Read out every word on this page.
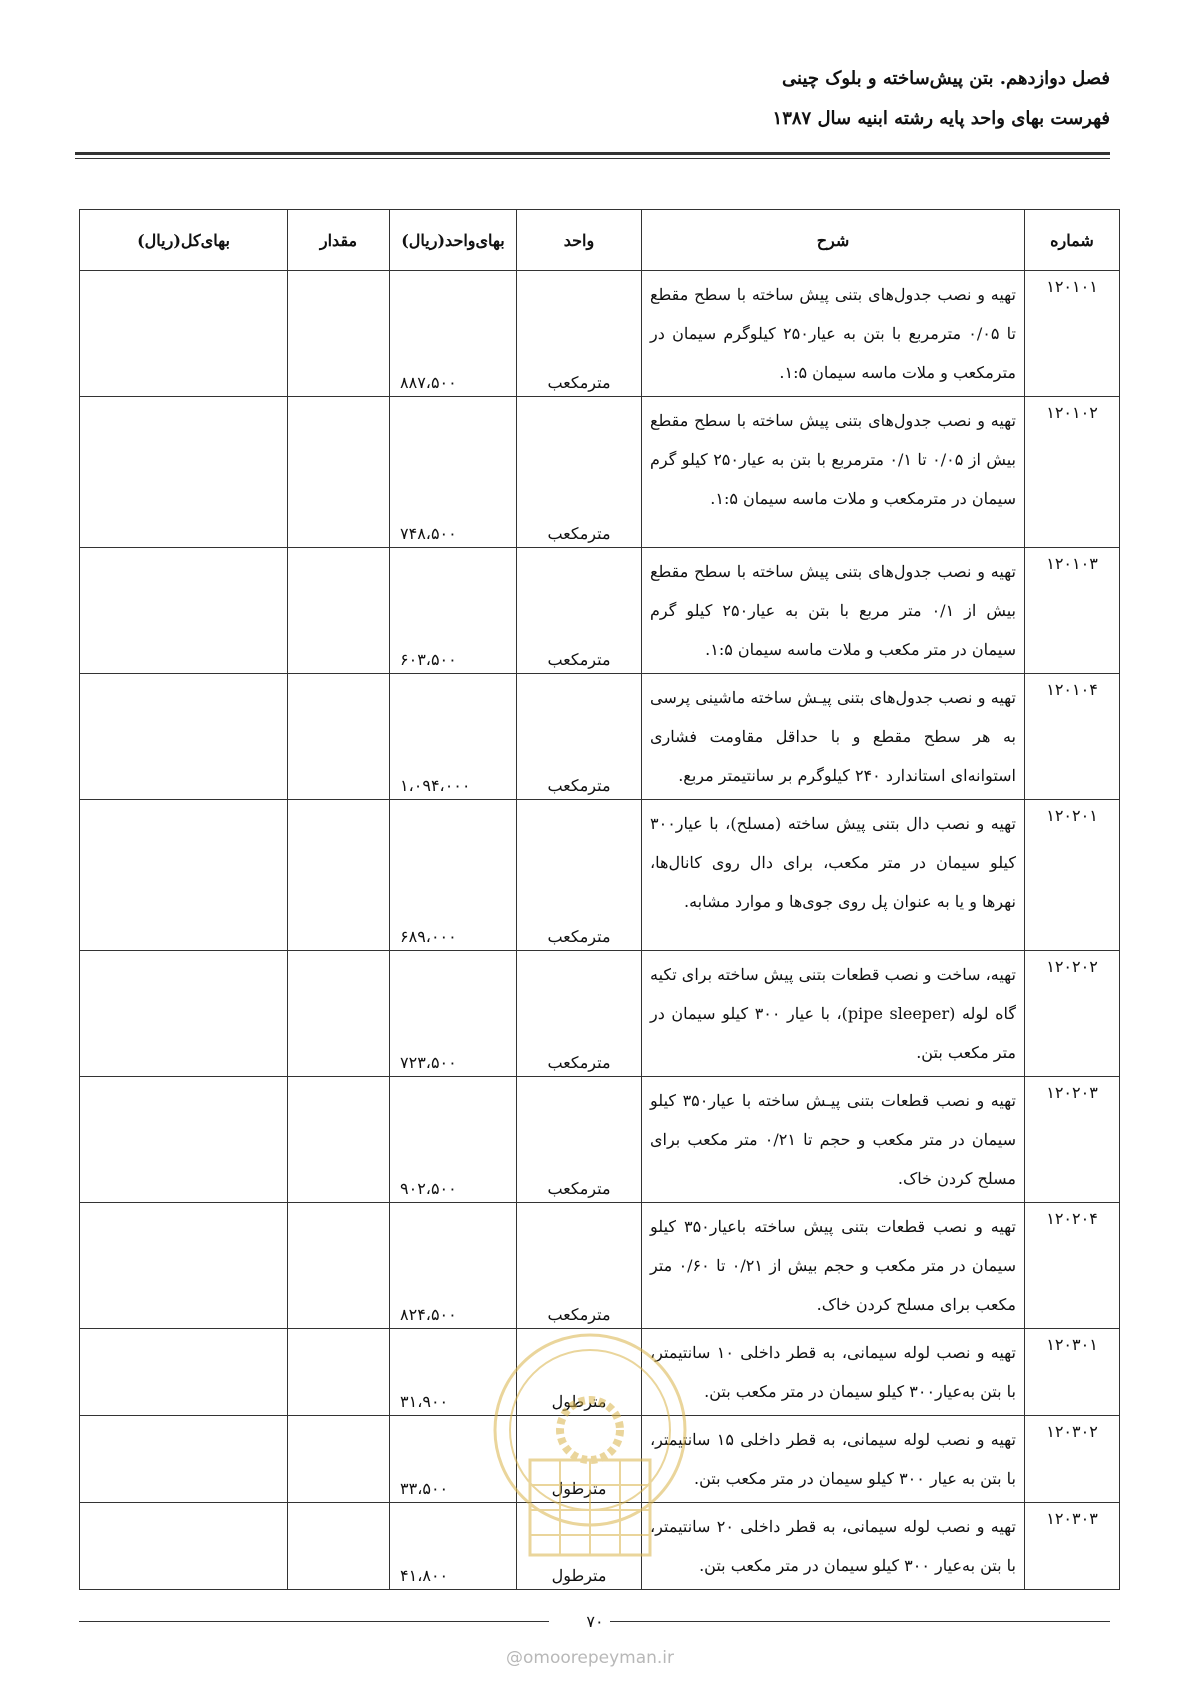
فصل دوازدهم. بتن پیش‌ساخته و بلوک چینی
فهرست بهای واحد پایه رشته ابنیه سال ۱۳۸۷
شماره	شرح	واحد	بهای‌واحد(ریال)	مقدار	بهای‌کل(ریال)
۱۲۰۱۰۱	تهیه و نصب جدول‌های بتنی پیش ساخته با سطح مقطع تا ۰/۰۵ مترمربع با بتن به عیار۲۵۰ کیلوگرم سیمان در مترمکعب و ملات ماسه سیمان ۱:۵.	مترمکعب	۸۸۷،۵۰۰		
۱۲۰۱۰۲	تهیه و نصب جدول‌های بتنی پیش ساخته با سطح مقطع بیش از ۰/۰۵ تا ۰/۱ مترمربع با بتن به عیار۲۵۰ کیلو گرم سیمان در مترمکعب و ملات ماسه سیمان ۱:۵.	مترمکعب	۷۴۸،۵۰۰		
۱۲۰۱۰۳	تهیه و نصب جدول‌های بتنی پیش ساخته با سطح مقطع بیش از ۰/۱ متر مربع با بتن به عیار۲۵۰ کیلو گرم سیمان در متر مکعب و ملات ماسه سیمان ۱:۵.	مترمکعب	۶۰۳،۵۰۰		
۱۲۰۱۰۴	تهیه و نصب جدول‌های بتنی پیـش ساخته ماشینی پرسی به هر سطح مقطع و با حداقل مقاومت فشاری استوانه‌ای استاندارد ۲۴۰ کیلوگرم بر سانتیمتر مربع.	مترمکعب	۱،۰۹۴،۰۰۰		
۱۲۰۲۰۱	تهیه و نصب دال بتنی پیش ساخته (مسلح)، با عیار۳۰۰ کیلو سیمان در متر مکعب، برای دال روی کانال‌ها، نهرها و یا به عنوان پل روی جوی‌ها و موارد مشابه.	مترمکعب	۶۸۹،۰۰۰		
۱۲۰۲۰۲	تهیه، ساخت و نصب قطعات بتنی پیش ساخته برای تکیه گاه لوله (pipe sleeper)، با عیار ۳۰۰ کیلو سیمان در متر مکعب بتن.	مترمکعب	۷۲۳،۵۰۰		
۱۲۰۲۰۳	تهیه و نصب قطعات بتنی پیـش ساخته با عیار۳۵۰ کیلو سیمان در متر مکعب و حجم تا ۰/۲۱ متر مکعب برای مسلح کردن خاک.	مترمکعب	۹۰۲،۵۰۰		
۱۲۰۲۰۴	تهیه و نصب قطعات بتنی پیش ساخته باعیار۳۵۰ کیلو سیمان در متر مکعب و حجم بیش از ۰/۲۱ تا ۰/۶۰ متر مکعب برای مسلح کردن خاک.	مترمکعب	۸۲۴،۵۰۰		
۱۲۰۳۰۱	تهیه و نصب لوله سیمانی، به قطر داخلی ۱۰ سانتیمتر، با بتن به‌عیار۳۰۰ کیلو سیمان در متر مکعب بتن.	مترطول	۳۱،۹۰۰		
۱۲۰۳۰۲	تهیه و نصب لوله سیمانی، به قطر داخلی ۱۵ سانتیمتر، با بتن به عیار ۳۰۰ کیلو سیمان در متر مکعب بتن.	مترطول	۳۳،۵۰۰		
۱۲۰۳۰۳	تهیه و نصب لوله سیمانی، به قطر داخلی ۲۰ سانتیمتر، با بتن به‌عیار ۳۰۰ کیلو سیمان در متر مکعب بتن.	مترطول	۴۱،۸۰۰		
۷۰
@omoorepeyman.ir
